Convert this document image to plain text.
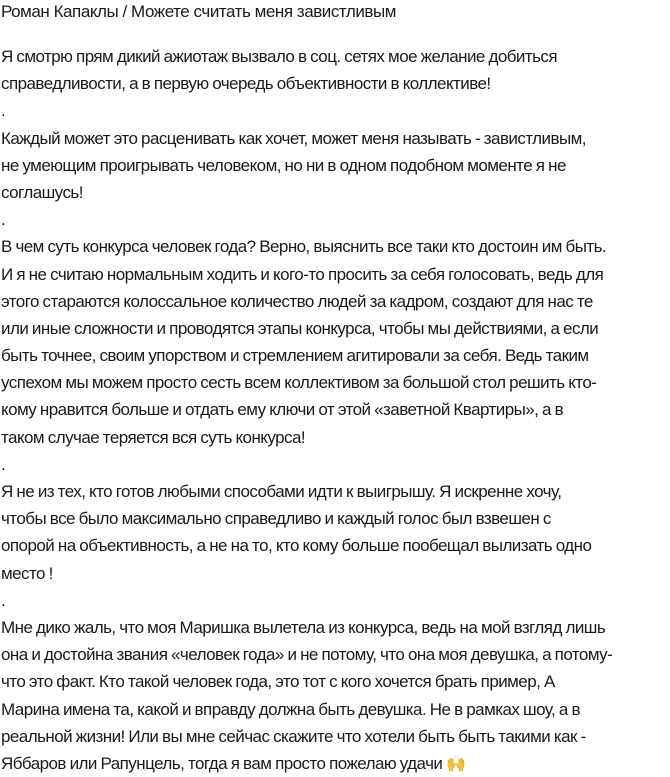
Роман Капаклы / Можете считать меня завистливым
Я смотрю прям дикий ажиотаж вызвало в соц. сетях мое желание добиться
справедливости, а в первую очередь объективности в коллективе!
.
Каждый может это расценивать как хочет, может меня называть - завистливым,
не умеющим проигрывать человеком, но ни в одном подобном моменте я не
соглашусь!
.
В чем суть конкурса человек года? Верно, выяснить все таки кто достоин им быть.
И я не считаю нормальным ходить и кого-то просить за себя голосовать, ведь для
этого стараются колоссальное количество людей за кадром, создают для нас те
или иные сложности и проводятся этапы конкурса, чтобы мы действиями, а если
быть точнее, своим упорством и стремлением агитировали за себя. Ведь таким
успехом мы можем просто сесть всем коллективом за большой стол решить кто-
кому нравится больше и отдать ему ключи от этой «заветной Квартиры», а в
таком случае теряется вся суть конкурса!
.
Я не из тех, кто готов любыми способами идти к выигрышу. Я искренне хочу,
чтобы все было максимально справедливо и каждый голос был взвешен с
опорой на объективность, а не на то, кто кому больше пообещал вылизать одно
место !
.
Мне дико жаль, что моя Маришка вылетела из конкурса, ведь на мой взгляд лишь
она и достойна звания «человек года» и не потому, что она моя девушка, а потому-
что это факт. Кто такой человек года, это тот с кого хочется брать пример, А
Марина имена та, какой и вправду должна быть девушка. Не в рамках шоу, а в
реальной жизни! Или вы мне сейчас скажите что хотели быть быть такими как -
Яббаров или Рапунцель, тогда я вам просто пожелаю удачи 🙌
